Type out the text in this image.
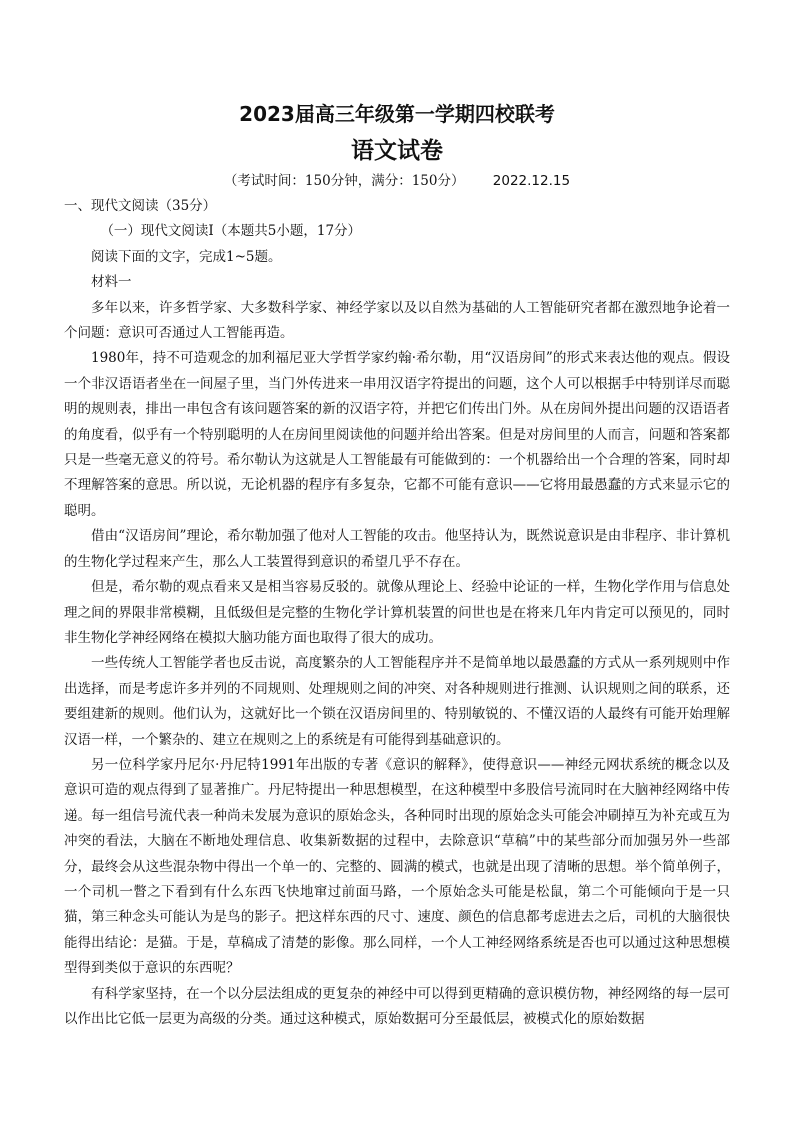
2023届高三年级第一学期四校联考
语文试卷
（考试时间：150分钟，满分：150分） 2022.12.15

一、现代文阅读（35分）

（一）现代文阅读Ⅰ（本题共5小题，17分）

阅读下面的文字，完成1~5题。

材料一

多年以来，许多哲学家、大多数科学家、神经学家以及以自然为基础的人工智能研究者都在激烈地争论着一个问题：意识可否通过人工智能再造。

1980年，持不可造观念的加利福尼亚大学哲学家约翰·希尔勒，用“汉语房间”的形式来表达他的观点。假设一个非汉语语者坐在一间屋子里，当门外传进来一串用汉语字符提出的问题，这个人可以根据手中特别详尽而聪明的规则表，排出一串包含有该问题答案的新的汉语字符，并把它们传出门外。从在房间外提出问题的汉语语者的角度看，似乎有一个特别聪明的人在房间里阅读他的问题并给出答案。但是对房间里的人而言，问题和答案都只是一些毫无意义的符号。希尔勒认为这就是人工智能最有可能做到的：一个机器给出一个合理的答案，同时却不理解答案的意思。所以说，无论机器的程序有多复杂，它都不可能有意识——它将用最愚蠢的方式来显示它的聪明。

借由“汉语房间”理论，希尔勒加强了他对人工智能的攻击。他坚持认为，既然说意识是由非程序、非计算机的生物化学过程来产生，那么人工装置得到意识的希望几乎不存在。

但是，希尔勒的观点看来又是相当容易反驳的。就像从理论上、经验中论证的一样，生物化学作用与信息处理之间的界限非常模糊，且低级但是完整的生物化学计算机装置的问世也是在将来几年内肯定可以预见的，同时非生物化学神经网络在模拟大脑功能方面也取得了很大的成功。

一些传统人工智能学者也反击说，高度繁杂的人工智能程序并不是简单地以最愚蠢的方式从一系列规则中作出选择，而是考虑许多并列的不同规则、处理规则之间的冲突、对各种规则进行推测、认识规则之间的联系，还要组建新的规则。他们认为，这就好比一个锁在汉语房间里的、特别敏锐的、不懂汉语的人最终有可能开始理解汉语一样，一个繁杂的、建立在规则之上的系统是有可能得到基础意识的。

另一位科学家丹尼尔·丹尼特1991年出版的专著《意识的解释》，使得意识——神经元网状系统的概念以及意识可造的观点得到了显著推广。丹尼特提出一种思想模型，在这种模型中多股信号流同时在大脑神经网络中传递。每一组信号流代表一种尚未发展为意识的原始念头，各种同时出现的原始念头可能会冲刷掉互为补充或互为冲突的看法，大脑在不断地处理信息、收集新数据的过程中，去除意识“草稿”中的某些部分而加强另外一些部分，最终会从这些混杂物中得出一个单一的、完整的、圆满的模式，也就是出现了清晰的思想。举个简单例子，一个司机一瞥之下看到有什么东西飞快地窜过前面马路，一个原始念头可能是松鼠，第二个可能倾向于是一只猫，第三种念头可能认为是鸟的影子。把这样东西的尺寸、速度、颜色的信息都考虑进去之后，司机的大脑很快能得出结论：是猫。于是，草稿成了清楚的影像。那么同样，一个人工神经网络系统是否也可以通过这种思想模型得到类似于意识的东西呢？

有科学家坚持，在一个以分层法组成的更复杂的神经中可以得到更精确的意识模仿物，神经网络的每一层可以作出比它低一层更为高级的分类。通过这种模式，原始数据可分至最低层，被模式化的原始数据
